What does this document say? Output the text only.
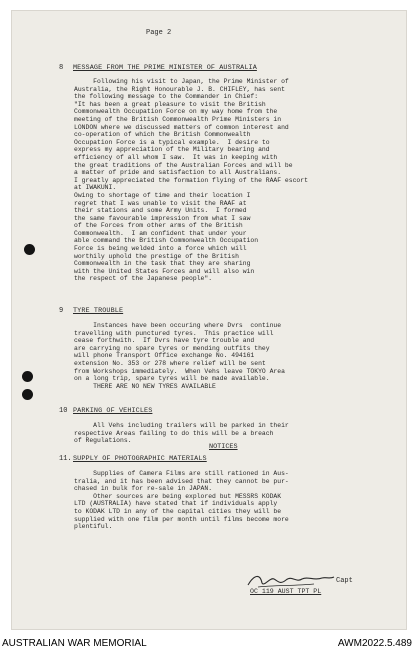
Page 2
8 MESSAGE FROM THE PRIME MINISTER OF AUSTRALIA
Following his visit to Japan, the Prime Minister of
Australia, the Right Honourable J. B. CHIFLEY, has sent
the following message to the Commander in Chief:
"It has been a great pleasure to visit the British
Commonwealth Occupation Force on my way home from the
meeting of the British Commonwealth Prime Ministers in
LONDON where we discussed matters of common interest and
co-operation of which the British Commonwealth
Occupation Force is a typical example.  I desire to
express my appreciation of the Military bearing and
efficiency of all whom I saw.  It was in keeping with
the great traditions of the Australian Forces and will be
a matter of pride and satisfaction to all Australians.
I greatly appreciated the formation flying of the RAAF escort
at IWAKUNI.
Owing to shortage of time and their location I
regret that I was unable to visit the RAAF at
their stations and some Army Units.  I formed
the same favourable impression from what I saw
of the Forces from other arms of the British
Commonwealth.  I am confident that under your
able command the British Commonwealth Occupation
Force is being welded into a force which will
worthily uphold the prestige of the British
Commonwealth in the task that they are sharing
with the United States Forces and will also win
the respect of the Japanese people".
9 TYRE TROUBLE
Instances have been occuring where Dvrs  continue
travelling with punctured tyres.  This practice will
cease forthwith.  If Dvrs have tyre trouble and
are carrying no spare tyres or mending outfits they
will phone Transport Office exchange No. 494161
extension No. 353 or 278 where relief will be sent
from Workshops immediately.  When Vehs leave TOKYO Area
on a long trip, spare tyres will be made available.
THERE ARE NO NEW TYRES AVAILABLE
10 PARKING OF VEHICLES
All Vehs including trailers will be parked in their
respective Areas failing to do this will be a breach
of Regulations.
NOTICES
11. SUPPLY OF PHOTOGRAPHIC MATERIALS
Supplies of Camera Films are still rationed in Aus-
tralia, and it has been advised that they cannot be pur-
chased in bulk for re-sale in JAPAN.
Other sources are being explored but MESSRS KODAK
LTD (AUSTRALIA) have stated that if individuals apply
to KODAK LTD in any of the capital cities they will be
supplied with one film per month until films become more
plentiful.
Capt
OC 119 AUST TPT PL
AUSTRALIAN WAR MEMORIAL	AWM2022.5.489
